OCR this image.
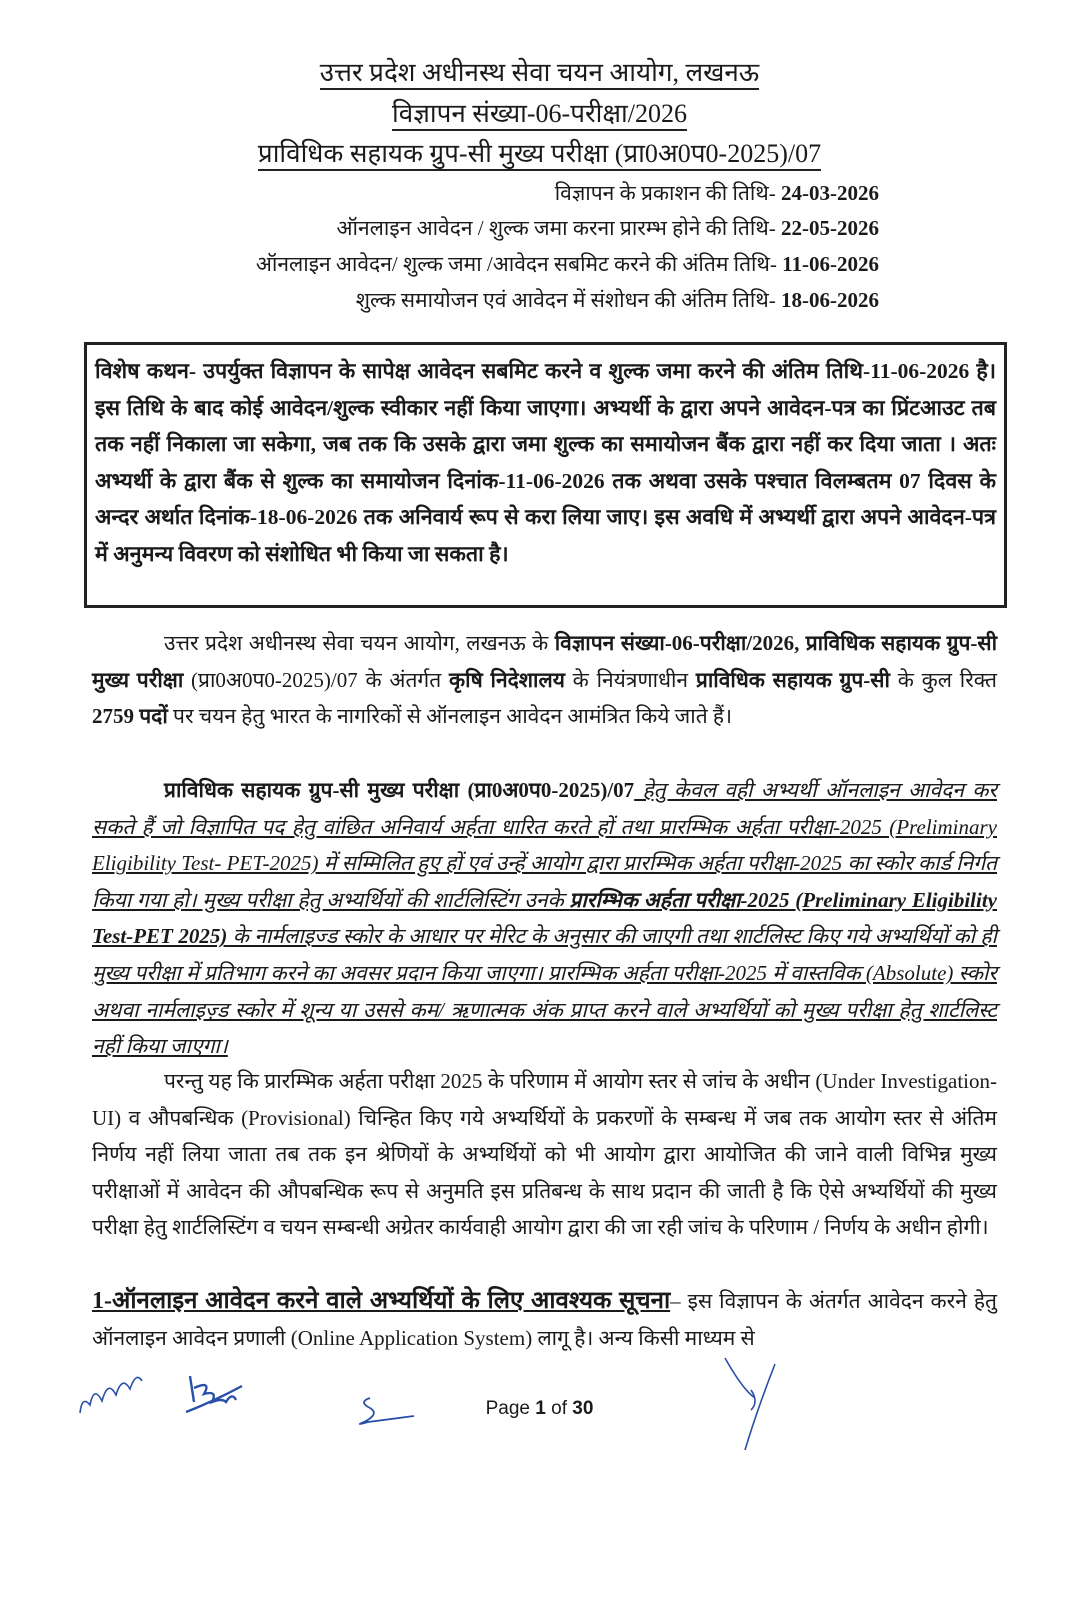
उत्तर प्रदेश अधीनस्थ सेवा चयन आयोग, लखनऊ
विज्ञापन संख्या-06-परीक्षा/2026
प्राविधिक सहायक ग्रुप-सी मुख्य परीक्षा (प्रा0अ0प0-2025)/07
विज्ञापन के प्रकाशन की तिथि- 24-03-2026
ऑनलाइन आवेदन / शुल्क जमा करना प्रारम्भ होने की तिथि- 22-05-2026
ऑनलाइन आवेदन/ शुल्क जमा /आवेदन सबमिट करने की अंतिम तिथि- 11-06-2026
शुल्क समायोजन एवं आवेदन में संशोधन की अंतिम तिथि- 18-06-2026
विशेष कथन- उपर्युक्त विज्ञापन के सापेक्ष आवेदन सबमिट करने व शुल्क जमा करने की अंतिम तिथि-11-06-2026 है। इस तिथि के बाद कोई आवेदन/शुल्क स्वीकार नहीं किया जाएगा। अभ्यर्थी के द्वारा अपने आवेदन-पत्र का प्रिंटआउट तब तक नहीं निकाला जा सकेगा, जब तक कि उसके द्वारा जमा शुल्क का समायोजन बैंक द्वारा नहीं कर दिया जाता । अतः अभ्यर्थी के द्वारा बैंक से शुल्क का समायोजन दिनांक-11-06-2026 तक अथवा उसके पश्चात विलम्बतम 07 दिवस के अन्दर अर्थात दिनांक-18-06-2026 तक अनिवार्य रूप से करा लिया जाए। इस अवधि में अभ्यर्थी द्वारा अपने आवेदन-पत्र में अनुमन्य विवरण को संशोधित भी किया जा सकता है।
उत्तर प्रदेश अधीनस्थ सेवा चयन आयोग, लखनऊ के विज्ञापन संख्या-06-परीक्षा/2026, प्राविधिक सहायक ग्रुप-सी मुख्य परीक्षा (प्रा0अ0प0-2025)/07 के अंतर्गत कृषि निदेशालय के नियंत्रणाधीन प्राविधिक सहायक ग्रुप-सी के कुल रिक्त 2759 पदों पर चयन हेतु भारत के नागरिकों से ऑनलाइन आवेदन आमंत्रित किये जाते हैं।
प्राविधिक सहायक ग्रुप-सी मुख्य परीक्षा (प्रा0अ0प0-2025)/07 हेतु केवल वही अभ्यर्थी ऑनलाइन आवेदन कर सकते हैं जो विज्ञापित पद हेतु वांछित अनिवार्य अर्हता धारित करते हों तथा प्रारम्भिक अर्हता परीक्षा-2025 (Preliminary Eligibility Test- PET-2025) में सम्मिलित हुए हों एवं उन्हें आयोग द्वारा प्रारम्भिक अर्हता परीक्षा-2025 का स्कोर कार्ड निर्गत किया गया हो। मुख्य परीक्षा हेतु अभ्यर्थियों की शार्टलिस्टिंग उनके प्रारम्भिक अर्हता परीक्षा-2025 (Preliminary Eligibility Test-PET 2025) के नार्मलाइज्ड स्कोर के आधार पर मेरिट के अनुसार की जाएगी तथा शार्टलिस्ट किए गये अभ्यर्थियों को ही मुख्य परीक्षा में प्रतिभाग करने का अवसर प्रदान किया जाएगा। प्रारम्भिक अर्हता परीक्षा-2025 में वास्तविक (Absolute) स्कोर अथवा नार्मलाइज़्ड स्कोर में शून्य या उससे कम/ ऋणात्मक अंक प्राप्त करने वाले अभ्यर्थियों को मुख्य परीक्षा हेतु शार्टलिस्ट नहीं किया जाएगा।
परन्तु यह कि प्रारम्भिक अर्हता परीक्षा 2025 के परिणाम में आयोग स्तर से जांच के अधीन (Under Investigation-UI) व औपबन्धिक (Provisional) चिन्हित किए गये अभ्यर्थियों के प्रकरणों के सम्बन्ध में जब तक आयोग स्तर से अंतिम निर्णय नहीं लिया जाता तब तक इन श्रेणियों के अभ्यर्थियों को भी आयोग द्वारा आयोजित की जाने वाली विभिन्न मुख्य परीक्षाओं में आवेदन की औपबन्धिक रूप से अनुमति इस प्रतिबन्ध के साथ प्रदान की जाती है कि ऐसे अभ्यर्थियों की मुख्य परीक्षा हेतु शार्टलिस्टिंग व चयन सम्बन्धी अग्रेतर कार्यवाही आयोग द्वारा की जा रही जांच के परिणाम / निर्णय के अधीन होगी।
1-ऑनलाइन आवेदन करने वाले अभ्यर्थियों के लिए आवश्यक सूचना– इस विज्ञापन के अंतर्गत आवेदन करने हेतु ऑनलाइन आवेदन प्रणाली (Online Application System) लागू है। अन्य किसी माध्यम से
Page 1 of 30
